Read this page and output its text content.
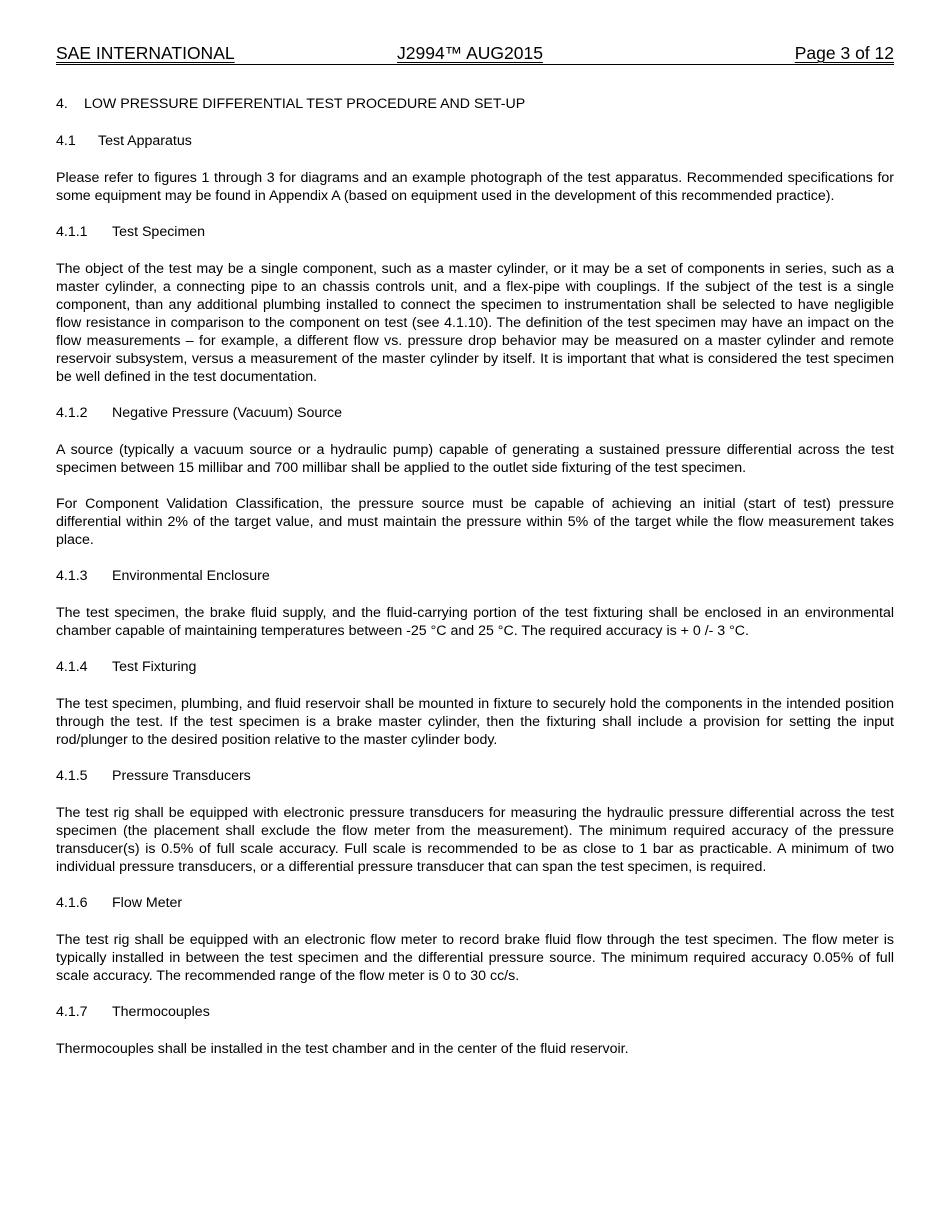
SAE INTERNATIONAL	J2994™ AUG2015	Page 3 of 12
4. LOW PRESSURE DIFFERENTIAL TEST PROCEDURE AND SET-UP
4.1 Test Apparatus

Please refer to figures 1 through 3 for diagrams and an example photograph of the test apparatus. Recommended specifications for some equipment may be found in Appendix A (based on equipment used in the development of this recommended practice).

4.1.1 Test Specimen

The object of the test may be a single component, such as a master cylinder, or it may be a set of components in series, such as a master cylinder, a connecting pipe to an chassis controls unit, and a flex-pipe with couplings. If the subject of the test is a single component, than any additional plumbing installed to connect the specimen to instrumentation shall be selected to have negligible flow resistance in comparison to the component on test (see 4.1.10). The definition of the test specimen may have an impact on the flow measurements – for example, a different flow vs. pressure drop behavior may be measured on a master cylinder and remote reservoir subsystem, versus a measurement of the master cylinder by itself. It is important that what is considered the test specimen be well defined in the test documentation.

4.1.2 Negative Pressure (Vacuum) Source

A source (typically a vacuum source or a hydraulic pump) capable of generating a sustained pressure differential across the test specimen between 15 millibar and 700 millibar shall be applied to the outlet side fixturing of the test specimen.

For Component Validation Classification, the pressure source must be capable of achieving an initial (start of test) pressure differential within 2% of the target value, and must maintain the pressure within 5% of the target while the flow measurement takes place.

4.1.3 Environmental Enclosure

The test specimen, the brake fluid supply, and the fluid-carrying portion of the test fixturing shall be enclosed in an environmental chamber capable of maintaining temperatures between -25 °C and 25 °C. The required accuracy is + 0 /- 3 °C.

4.1.4 Test Fixturing

The test specimen, plumbing, and fluid reservoir shall be mounted in fixture to securely hold the components in the intended position through the test. If the test specimen is a brake master cylinder, then the fixturing shall include a provision for setting the input rod/plunger to the desired position relative to the master cylinder body.

4.1.5 Pressure Transducers

The test rig shall be equipped with electronic pressure transducers for measuring the hydraulic pressure differential across the test specimen (the placement shall exclude the flow meter from the measurement). The minimum required accuracy of the pressure transducer(s) is 0.5% of full scale accuracy. Full scale is recommended to be as close to 1 bar as practicable. A minimum of two individual pressure transducers, or a differential pressure transducer that can span the test specimen, is required.

4.1.6 Flow Meter

The test rig shall be equipped with an electronic flow meter to record brake fluid flow through the test specimen. The flow meter is typically installed in between the test specimen and the differential pressure source. The minimum required accuracy 0.05% of full scale accuracy. The recommended range of the flow meter is 0 to 30 cc/s.

4.1.7 Thermocouples

Thermocouples shall be installed in the test chamber and in the center of the fluid reservoir.
